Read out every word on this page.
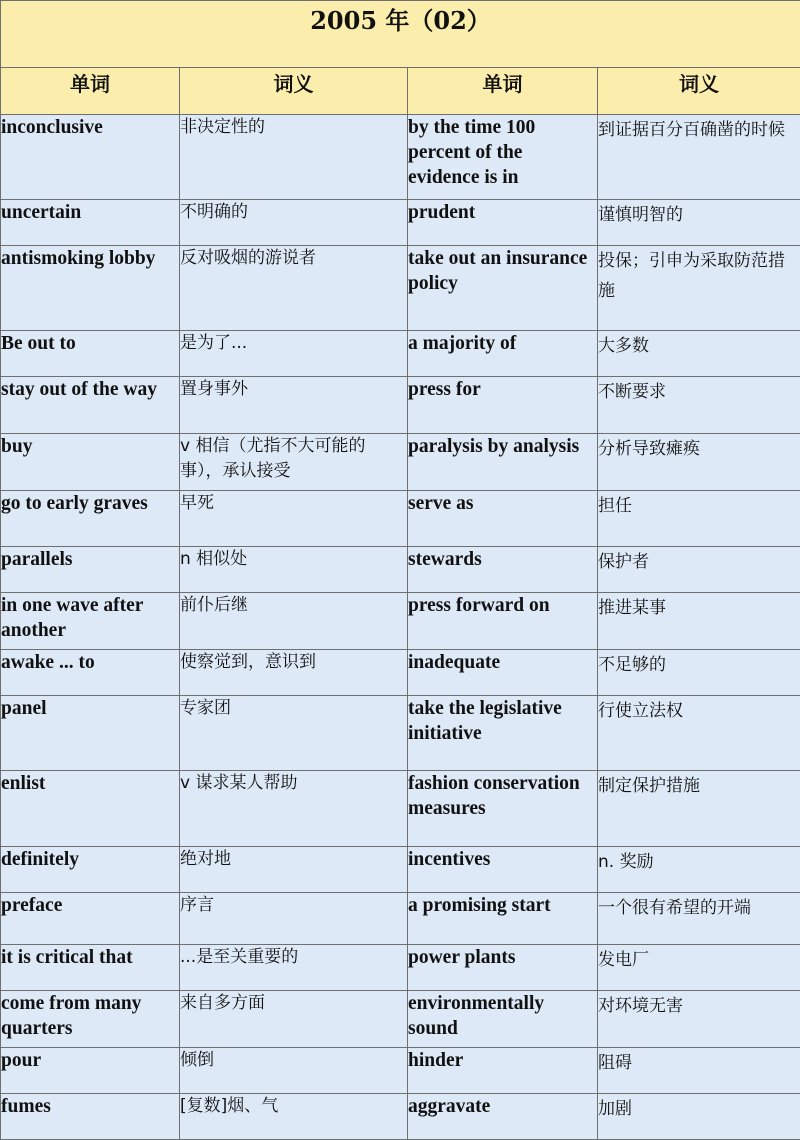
2005 年（02）			
单词	词义	单词	词义
inconclusive	非决定性的	by the time 100 percent of the evidence is in	到证据百分百确凿的时候
uncertain	不明确的	prudent	谨慎明智的
antismoking lobby	反对吸烟的游说者	take out an insurance policy	投保；引申为采取防范措施
Be out to	是为了...	a majority of	大多数
stay out of the way	置身事外	press for	不断要求
buy	v 相信（尤指不大可能的事），承认接受	paralysis by analysis	分析导致瘫痪
go to early graves	早死	serve as	担任
parallels	n 相似处	stewards	保护者
in one wave after another	前仆后继	press forward on	推进某事
awake ... to	使察觉到，意识到	inadequate	不足够的
panel	专家团	take the legislative initiative	行使立法权
enlist	v 谋求某人帮助	fashion conservation measures	制定保护措施
definitely	绝对地	incentives	n. 奖励
preface	序言	a promising start	一个很有希望的开端
it is critical that	...是至关重要的	power plants	发电厂
come from many quarters	来自多方面	environmentally sound	对环境无害
pour	倾倒	hinder	阻碍
fumes	[复数]烟、气	aggravate	加剧
